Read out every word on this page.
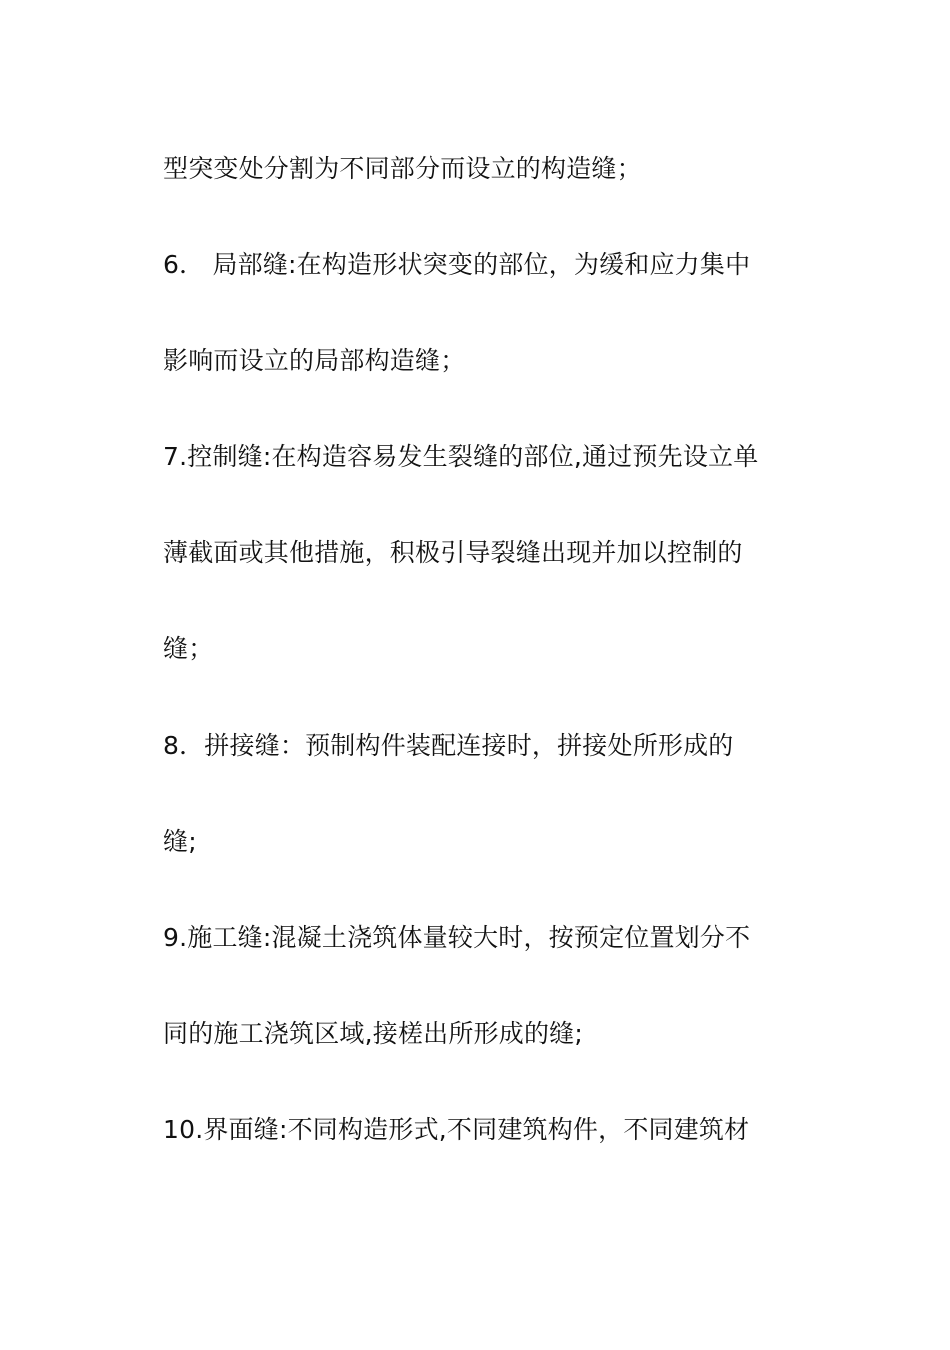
型突变处分割为不同部分而设立的构造缝；
6． 局部缝:在构造形状突变的部位，为缓和应力集中
影响而设立的局部构造缝；
7.控制缝:在构造容易发生裂缝的部位,通过预先设立单
薄截面或其他措施，积极引导裂缝出现并加以控制的
缝；
8．拼接缝：预制构件装配连接时，拼接处所形成的
缝;
9.施工缝:混凝土浇筑体量较大时，按预定位置划分不
同的施工浇筑区域,接槎出所形成的缝;
10.界面缝:不同构造形式,不同建筑构件，不同建筑材
